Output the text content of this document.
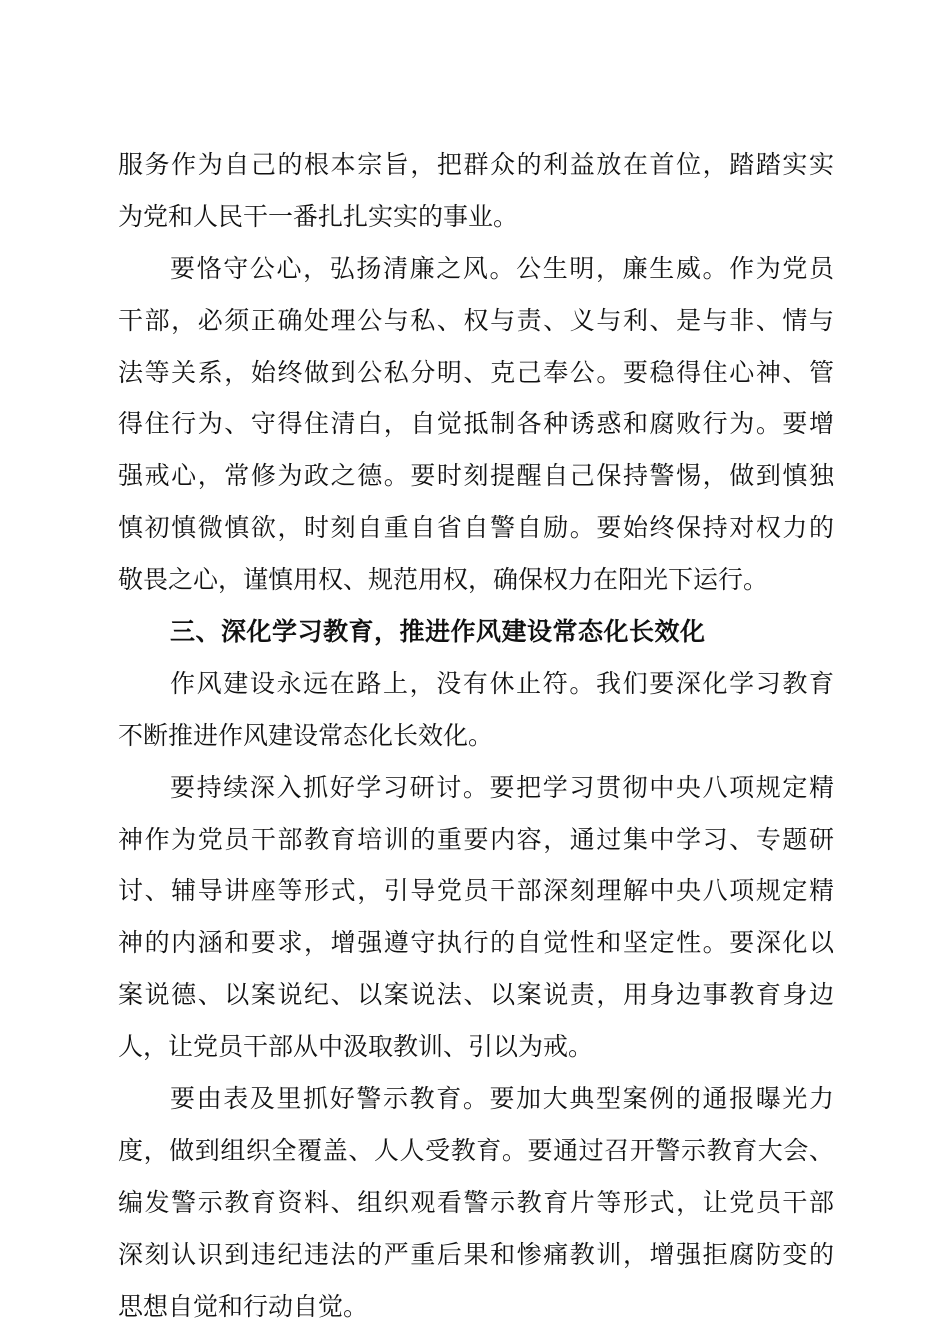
服务作为自己的根本宗旨，把群众的利益放在首位，踏踏实实
为党和人民干一番扎扎实实的事业。
要恪守公心，弘扬清廉之风。公生明，廉生威。作为党员
干部，必须正确处理公与私、权与责、义与利、是与非、情与
法等关系，始终做到公私分明、克己奉公。要稳得住心神、管
得住行为、守得住清白，自觉抵制各种诱惑和腐败行为。要增
强戒心，常修为政之德。要时刻提醒自己保持警惕，做到慎独
慎初慎微慎欲，时刻自重自省自警自励。要始终保持对权力的
敬畏之心，谨慎用权、规范用权，确保权力在阳光下运行。
三、深化学习教育，推进作风建设常态化长效化
作风建设永远在路上，没有休止符。我们要深化学习教育
不断推进作风建设常态化长效化。
要持续深入抓好学习研讨。要把学习贯彻中央八项规定精
神作为党员干部教育培训的重要内容，通过集中学习、专题研
讨、辅导讲座等形式，引导党员干部深刻理解中央八项规定精
神的内涵和要求，增强遵守执行的自觉性和坚定性。要深化以
案说德、以案说纪、以案说法、以案说责，用身边事教育身边
人，让党员干部从中汲取教训、引以为戒。
要由表及里抓好警示教育。要加大典型案例的通报曝光力
度，做到组织全覆盖、人人受教育。要通过召开警示教育大会、
编发警示教育资料、组织观看警示教育片等形式，让党员干部
深刻认识到违纪违法的严重后果和惨痛教训，增强拒腐防变的
思想自觉和行动自觉。
